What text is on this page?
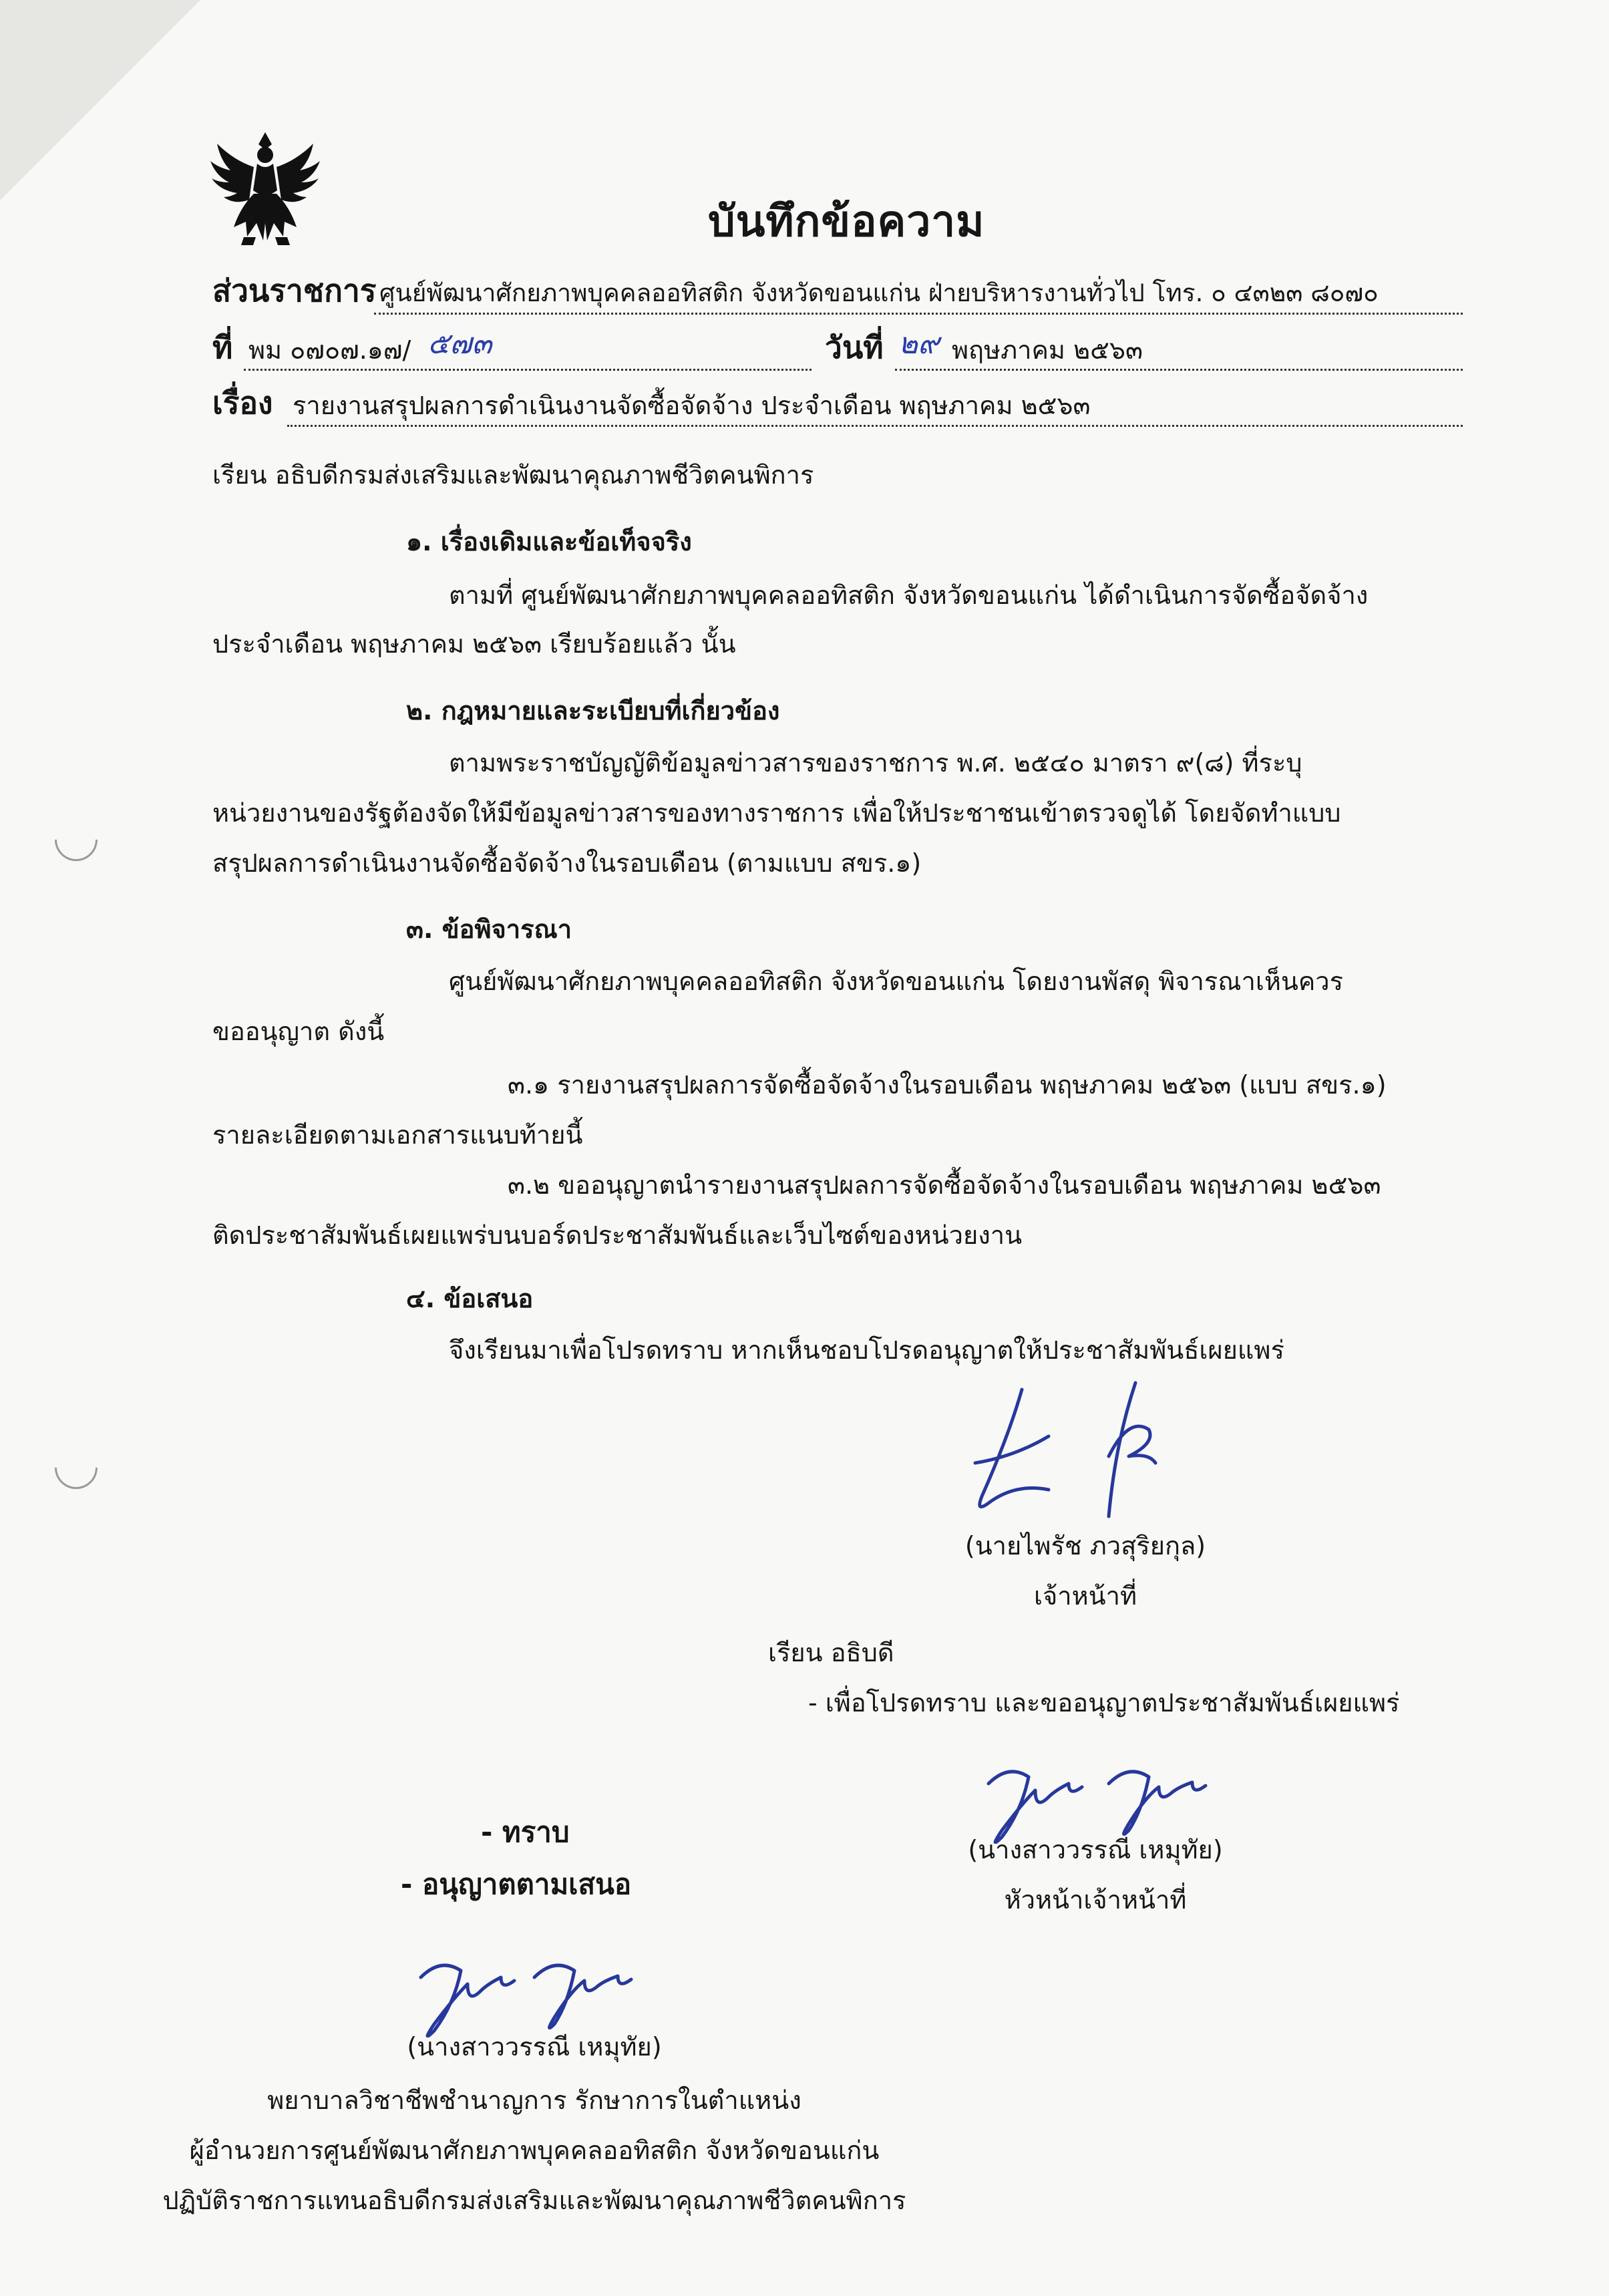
บันทึกข้อความ
ส่วนราชการ ศูนย์พัฒนาศักยภาพบุคคลออทิสติก จังหวัดขอนแก่น ฝ่ายบริหารงานทั่วไป โทร. ๐ ๔๓๒๓ ๘๐๗๐
ที่ พม ๐๗๐๗.๑๗/ ๕๗๓	วันที่ ๒๙ พฤษภาคม ๒๕๖๓
เรื่อง รายงานสรุปผลการดำเนินงานจัดซื้อจัดจ้าง ประจำเดือน พฤษภาคม ๒๕๖๓
เรียน อธิบดีกรมส่งเสริมและพัฒนาคุณภาพชีวิตคนพิการ
๑. เรื่องเดิมและข้อเท็จจริง
ตามที่ ศูนย์พัฒนาศักยภาพบุคคลออทิสติก จังหวัดขอนแก่น ได้ดำเนินการจัดซื้อจัดจ้าง
ประจำเดือน พฤษภาคม ๒๕๖๓ เรียบร้อยแล้ว นั้น
๒. กฎหมายและระเบียบที่เกี่ยวข้อง
ตามพระราชบัญญัติข้อมูลข่าวสารของราชการ พ.ศ. ๒๕๔๐ มาตรา ๙(๘) ที่ระบุ
หน่วยงานของรัฐต้องจัดให้มีข้อมูลข่าวสารของทางราชการ เพื่อให้ประชาชนเข้าตรวจดูได้ โดยจัดทำแบบ
สรุปผลการดำเนินงานจัดซื้อจัดจ้างในรอบเดือน (ตามแบบ สขร.๑)
๓. ข้อพิจารณา
ศูนย์พัฒนาศักยภาพบุคคลออทิสติก จังหวัดขอนแก่น โดยงานพัสดุ พิจารณาเห็นควร
ขออนุญาต ดังนี้
๓.๑ รายงานสรุปผลการจัดซื้อจัดจ้างในรอบเดือน พฤษภาคม ๒๕๖๓ (แบบ สขร.๑)
รายละเอียดตามเอกสารแนบท้ายนี้
๓.๒ ขออนุญาตนำรายงานสรุปผลการจัดซื้อจัดจ้างในรอบเดือน พฤษภาคม ๒๕๖๓
ติดประชาสัมพันธ์เผยแพร่บนบอร์ดประชาสัมพันธ์และเว็บไซต์ของหน่วยงาน
๔. ข้อเสนอ
จึงเรียนมาเพื่อโปรดทราบ หากเห็นชอบโปรดอนุญาตให้ประชาสัมพันธ์เผยแพร่
(นายไพรัช ภวสุริยกุล)
เจ้าหน้าที่
เรียน อธิบดี
- เพื่อโปรดทราบ และขออนุญาตประชาสัมพันธ์เผยแพร่
(นางสาววรรณี เหมุทัย)
หัวหน้าเจ้าหน้าที่
- ทราบ
- อนุญาตตามเสนอ
(นางสาววรรณี เหมุทัย)
พยาบาลวิชาชีพชำนาญการ รักษาการในตำแหน่ง
ผู้อำนวยการศูนย์พัฒนาศักยภาพบุคคลออทิสติก จังหวัดขอนแก่น
ปฏิบัติราชการแทนอธิบดีกรมส่งเสริมและพัฒนาคุณภาพชีวิตคนพิการ
